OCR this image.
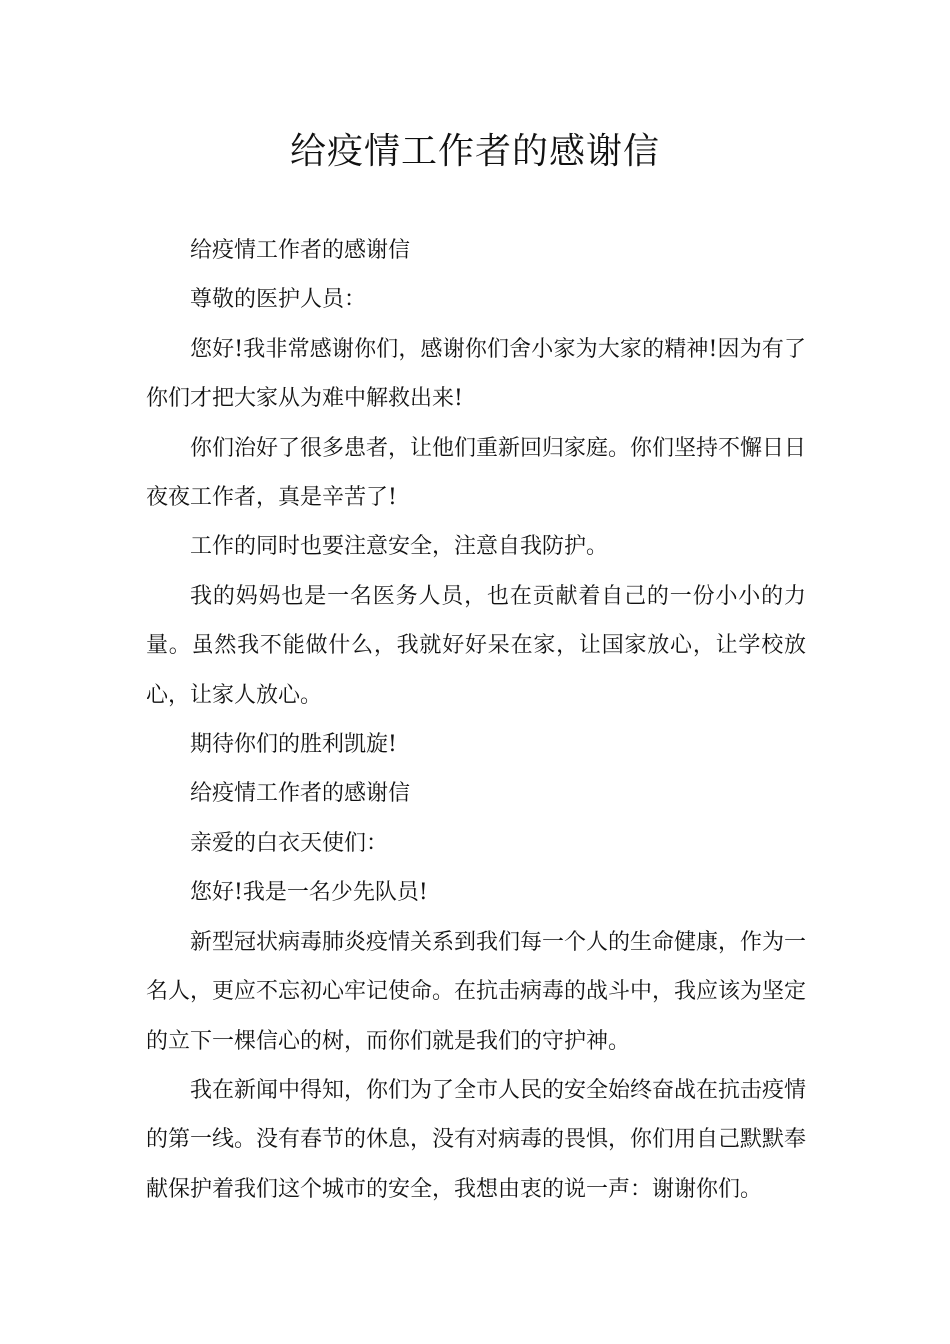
给疫情工作者的感谢信

给疫情工作者的感谢信

尊敬的医护人员：

您好!我非常感谢你们，感谢你们舍小家为大家的精神!因为有了你们才把大家从为难中解救出来!

你们治好了很多患者，让他们重新回归家庭。你们坚持不懈日日夜夜工作者，真是辛苦了!

工作的同时也要注意安全，注意自我防护。

我的妈妈也是一名医务人员，也在贡献着自己的一份小小的力量。虽然我不能做什么，我就好好呆在家，让国家放心，让学校放心，让家人放心。

期待你们的胜利凯旋!

给疫情工作者的感谢信

亲爱的白衣天使们：

您好!我是一名少先队员!

新型冠状病毒肺炎疫情关系到我们每一个人的生命健康，作为一名人，更应不忘初心牢记使命。在抗击病毒的战斗中，我应该为坚定的立下一棵信心的树，而你们就是我们的守护神。

我在新闻中得知，你们为了全市人民的安全始终奋战在抗击疫情的第一线。没有春节的休息，没有对病毒的畏惧，你们用自己默默奉献保护着我们这个城市的安全，我想由衷的说一声：谢谢你们。
